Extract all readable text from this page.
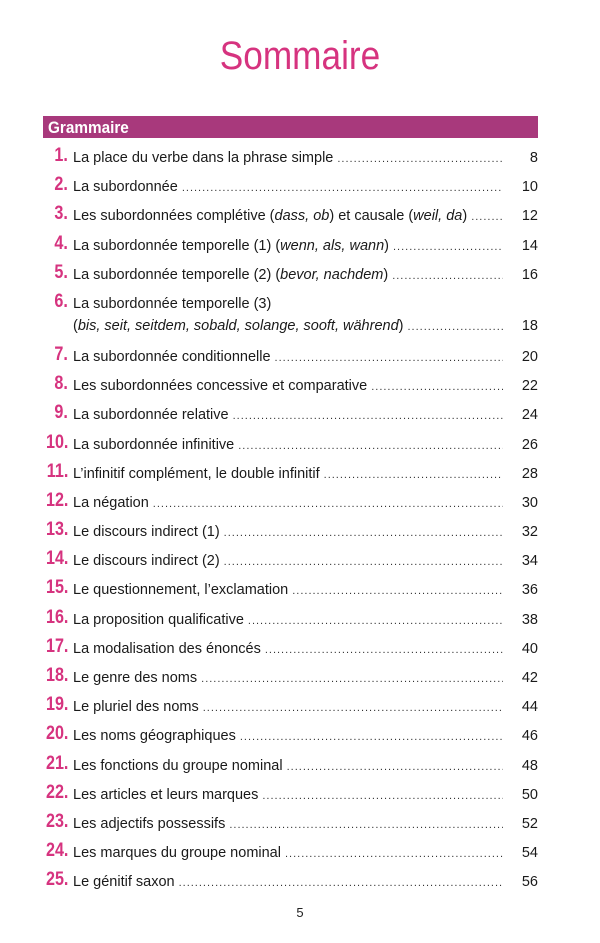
Sommaire
Grammaire
1. La place du verbe dans la phrase simple .....	8
2. La subordonnée .....	10
3. Les subordonnées complétive (dass, ob) et causale (weil, da) .....	12
4. La subordonnée temporelle (1) (wenn, als, wann) .....	14
5. La subordonnée temporelle (2) (bevor, nachdem) .....	16
6. La subordonnée temporelle (3)
(bis, seit, seitdem, sobald, solange, sooft, während) .....	18
7. La subordonnée conditionnelle .....	20
8. Les subordonnées concessive et comparative .....	22
9. La subordonnée relative .....	24
10. La subordonnée infinitive .....	26
11. L’infinitif complément, le double infinitif .....	28
12. La négation .....	30
13. Le discours indirect (1) .....	32
14. Le discours indirect (2) .....	34
15. Le questionnement, l’exclamation .....	36
16. La proposition qualificative .....	38
17. La modalisation des énoncés .....	40
18. Le genre des noms .....	42
19. Le pluriel des noms .....	44
20. Les noms géographiques .....	46
21. Les fonctions du groupe nominal .....	48
22. Les articles et leurs marques .....	50
23. Les adjectifs possessifs .....	52
24. Les marques du groupe nominal .....	54
25. Le génitif saxon .....	56
5
